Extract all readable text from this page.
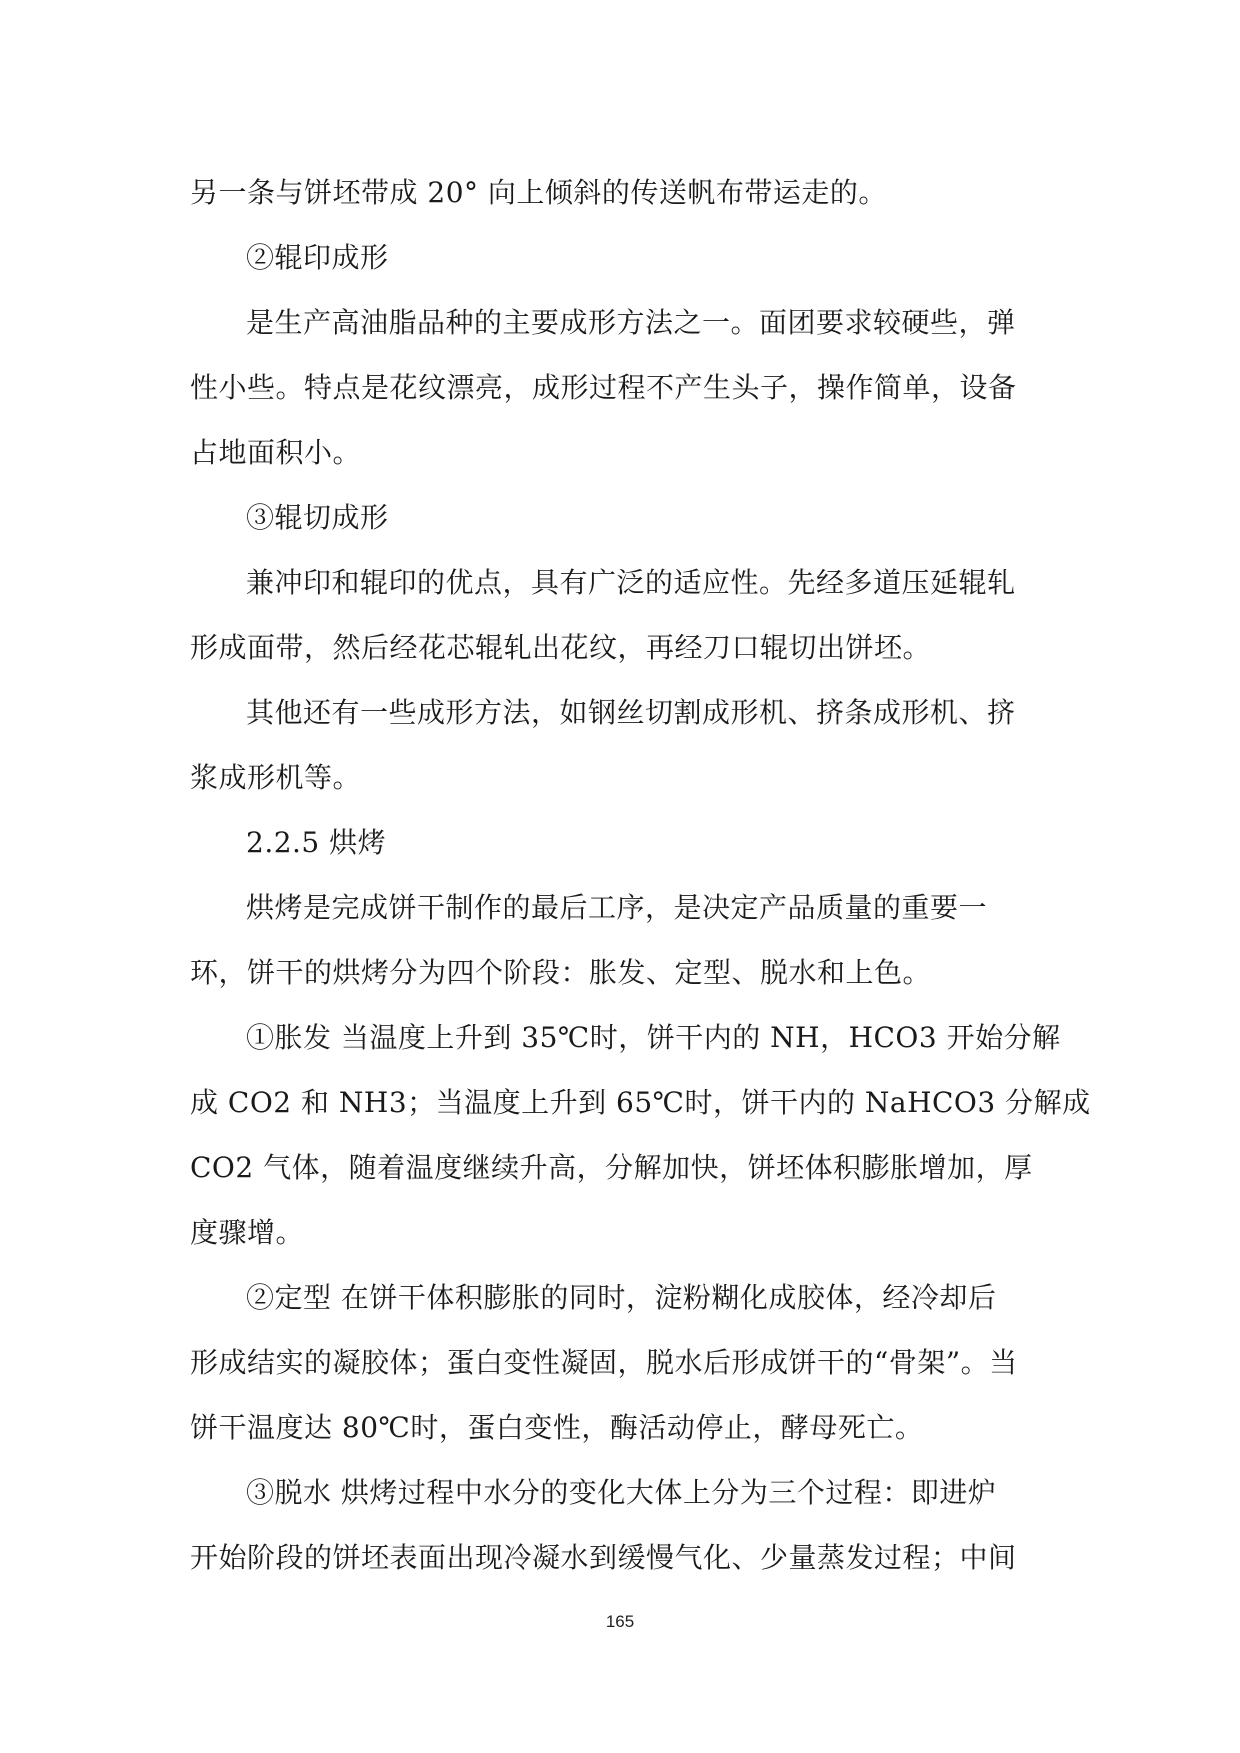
另一条与饼坯带成 20° 向上倾斜的传送帆布带运走的。

②辊印成形

是生产高油脂品种的主要成形方法之一。面团要求较硬些，弹

性小些。特点是花纹漂亮，成形过程不产生头子，操作简单，设备

占地面积小。

③辊切成形

兼冲印和辊印的优点，具有广泛的适应性。先经多道压延辊轧

形成面带，然后经花芯辊轧出花纹，再经刀口辊切出饼坯。

其他还有一些成形方法，如钢丝切割成形机、挤条成形机、挤

浆成形机等。

2.2.5 烘烤

烘烤是完成饼干制作的最后工序，是决定产品质量的重要一

环，饼干的烘烤分为四个阶段：胀发、定型、脱水和上色。

①胀发 当温度上升到 35℃时，饼干内的 NH，HCO3 开始分解

成 CO2 和 NH3；当温度上升到 65℃时，饼干内的 NaHCO3 分解成

CO2 气体，随着温度继续升高，分解加快，饼坯体积膨胀增加，厚

度骤增。

②定型 在饼干体积膨胀的同时，淀粉糊化成胶体，经冷却后

形成结实的凝胶体；蛋白变性凝固，脱水后形成饼干的“骨架”。当

饼干温度达 80℃时，蛋白变性，酶活动停止，酵母死亡。

③脱水 烘烤过程中水分的变化大体上分为三个过程：即进炉

开始阶段的饼坯表面出现冷凝水到缓慢气化、少量蒸发过程；中间

165
